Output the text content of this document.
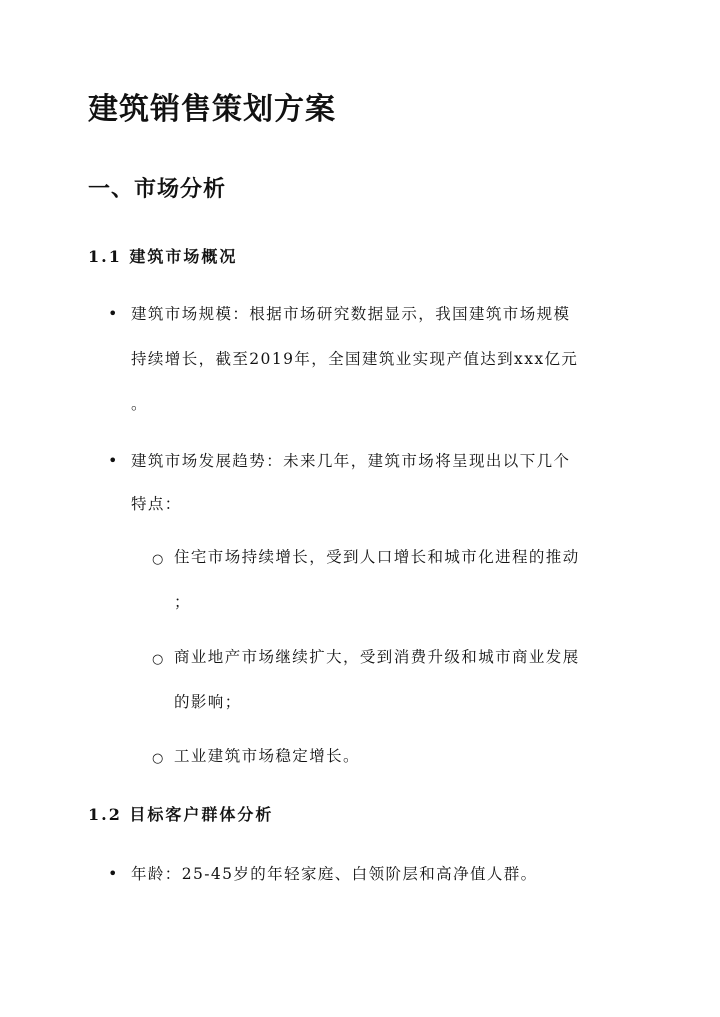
建筑销售策划方案
一、市场分析
1.1 建筑市场概况
• 建筑市场规模：根据市场研究数据显示，我国建筑市场规模
持续增长，截至2019年，全国建筑业实现产值达到xxx亿元
。
• 建筑市场发展趋势：未来几年，建筑市场将呈现出以下几个
特点：
○ 住宅市场持续增长，受到人口增长和城市化进程的推动
；
○ 商业地产市场继续扩大，受到消费升级和城市商业发展
的影响；
○ 工业建筑市场稳定增长。
1.2 目标客户群体分析
• 年龄：25-45岁的年轻家庭、白领阶层和高净值人群。
